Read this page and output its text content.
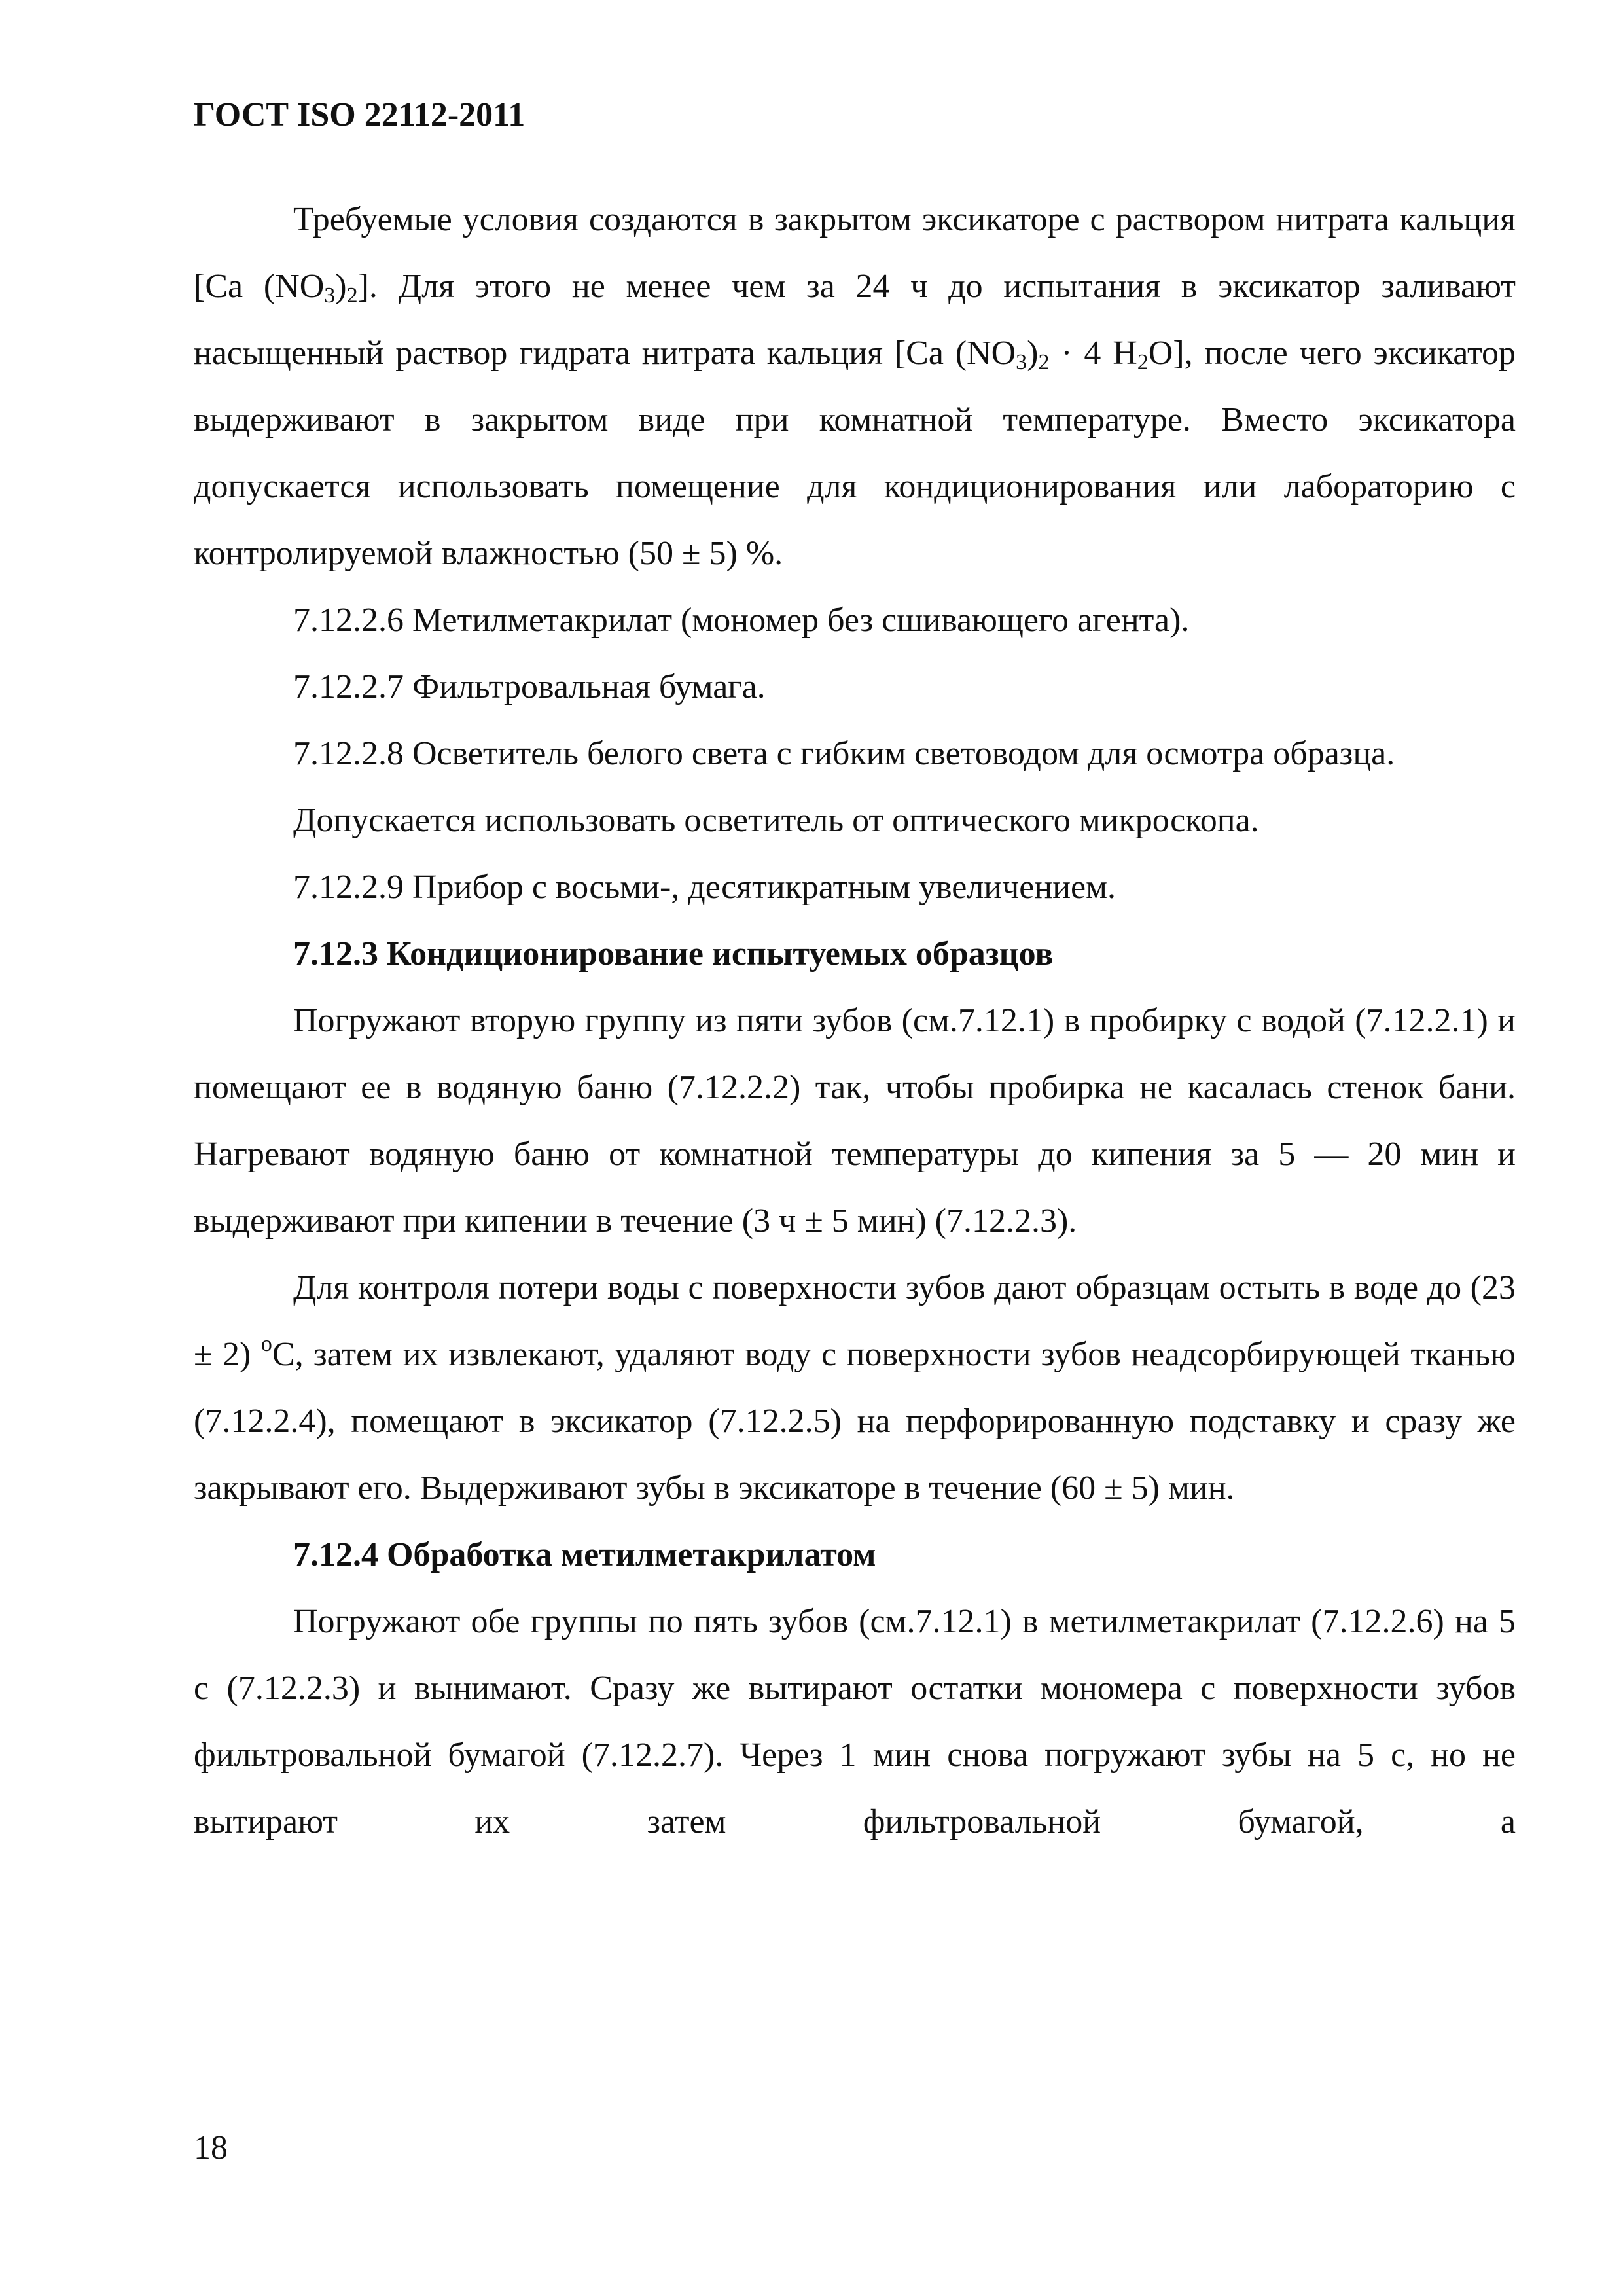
ГОСТ ISO 22112-2011

Требуемые условия создаются в закрытом эксикаторе с раствором нитрата кальция [Ca $(NO_3)_2$]. Для этого не менее чем за 24 ч до испытания в эксикатор заливают насыщенный раствор гидрата нитрата кальция [Ca $(NO_3)_2 \cdot 4$ $H_2O$], после чего эксикатор выдерживают в закрытом виде при комнатной температуре. Вместо эксикатора допускается использовать помещение для кондиционирования или лабораторию с контролируемой влажностью (50 ± 5) %.

7.12.2.6 Метилметакрилат (мономер без сшивающего агента).

7.12.2.7 Фильтровальная бумага.

7.12.2.8 Осветитель белого света с гибким световодом для осмотра образца.

Допускается использовать осветитель от оптического микроскопа.

7.12.2.9 Прибор с восьми-, десятикратным увеличением.

7.12.3 Кондиционирование испытуемых образцов

Погружают вторую группу из пяти зубов (см.7.12.1) в пробирку с водой (7.12.2.1) и помещают ее в водяную баню (7.12.2.2) так, чтобы пробирка не касалась стенок бани. Нагревают водяную баню от комнатной температуры до кипения за 5 — 20 мин и выдерживают при кипении в течение (3 ч ± 5 мин) (7.12.2.3).

Для контроля потери воды с поверхности зубов дают образцам остыть в воде до (23 ± 2) $^o$C, затем их извлекают, удаляют воду с поверхности зубов неадсорбирующей тканью (7.12.2.4), помещают в эксикатор (7.12.2.5) на перфорированную подставку и сразу же закрывают его. Выдерживают зубы в эксикаторе в течение (60 ± 5) мин.

7.12.4 Обработка метилметакрилатом

Погружают обе группы по пять зубов (см.7.12.1) в метилметакрилат (7.12.2.6) на 5 с (7.12.2.3) и вынимают. Сразу же вытирают остатки мономера с поверхности зубов фильтровальной бумагой (7.12.2.7). Через 1 мин снова погружают зубы на 5 с, но не вытирают их затем фильтровальной бумагой, а

18
